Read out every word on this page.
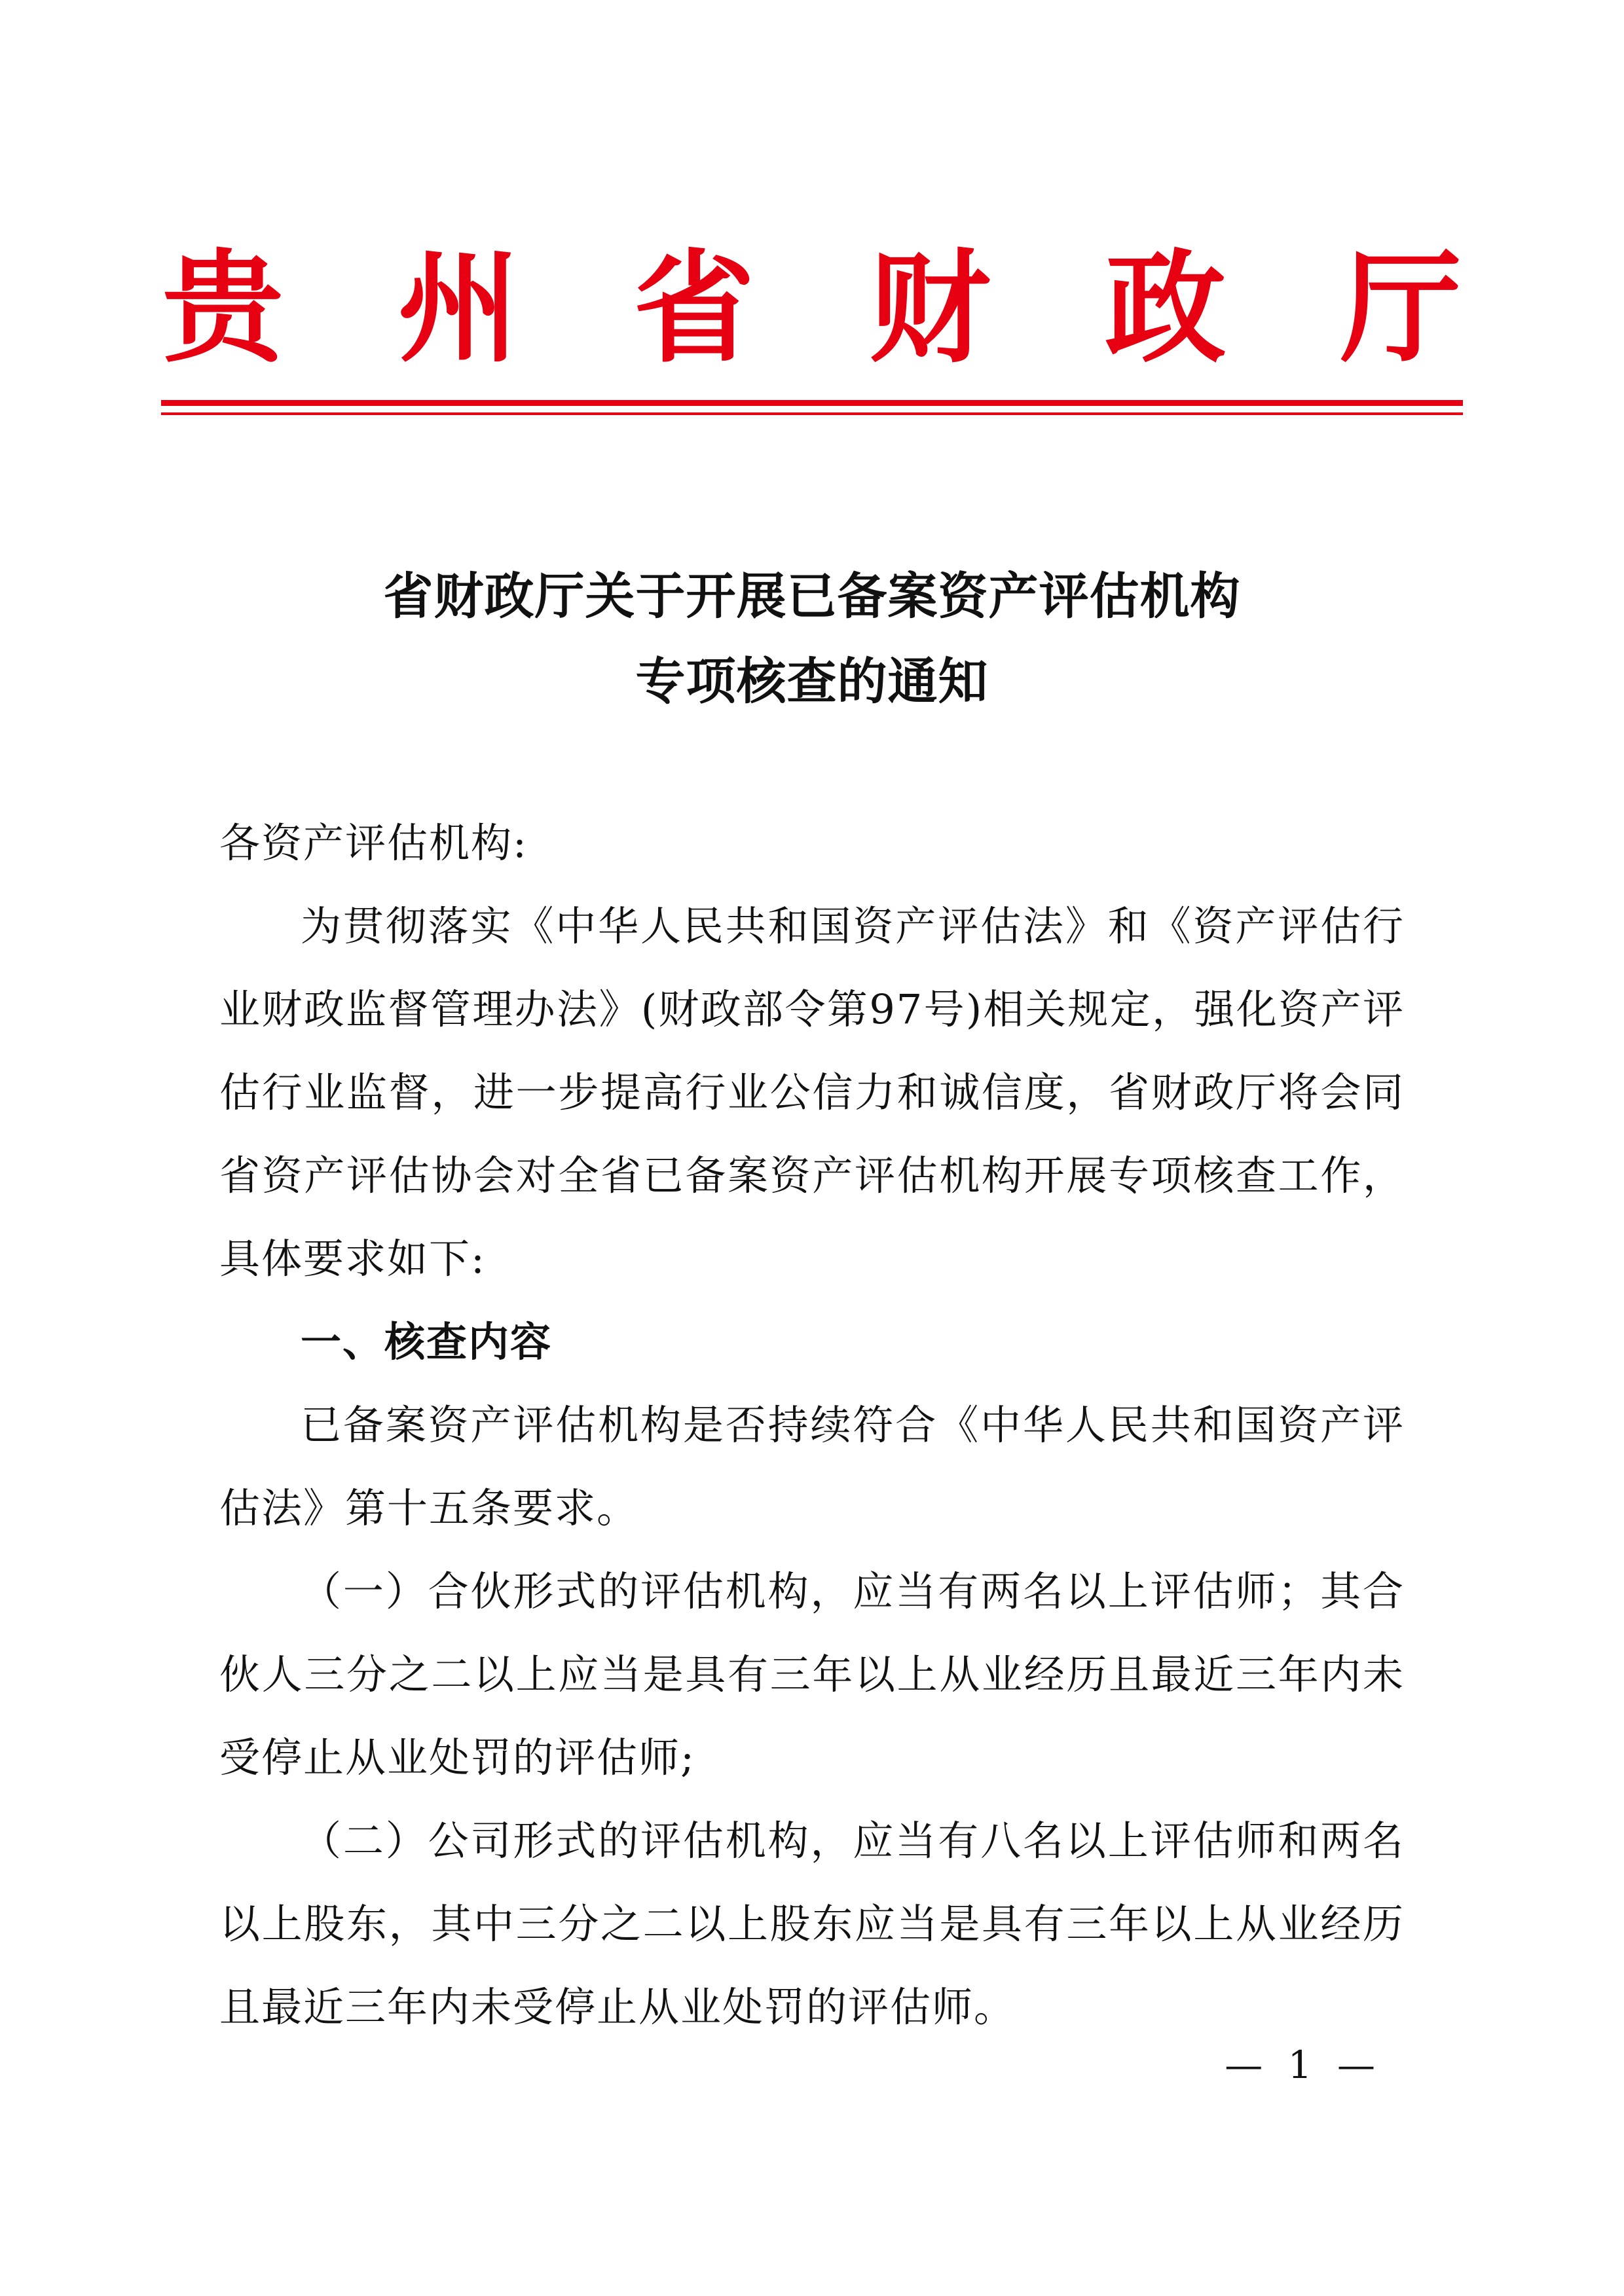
贵 州 省 财 政 厅
省财政厅关于开展已备案资产评估机构
专项核查的通知

各资产评估机构:

为贯彻落实《中华人民共和国资产评估法》和《资产评估行业财政监督管理办法》(财政部令第97号)相关规定，强化资产评估行业监督，进一步提高行业公信力和诚信度，省财政厅将会同省资产评估协会对全省已备案资产评估机构开展专项核查工作，具体要求如下:

一、核查内容

已备案资产评估机构是否持续符合《中华人民共和国资产评估法》第十五条要求。

（一）合伙形式的评估机构，应当有两名以上评估师；其合伙人三分之二以上应当是具有三年以上从业经历且最近三年内未受停止从业处罚的评估师;

（二）公司形式的评估机构，应当有八名以上评估师和两名以上股东，其中三分之二以上股东应当是具有三年以上从业经历且最近三年内未受停止从业处罚的评估师。

— 1 —
